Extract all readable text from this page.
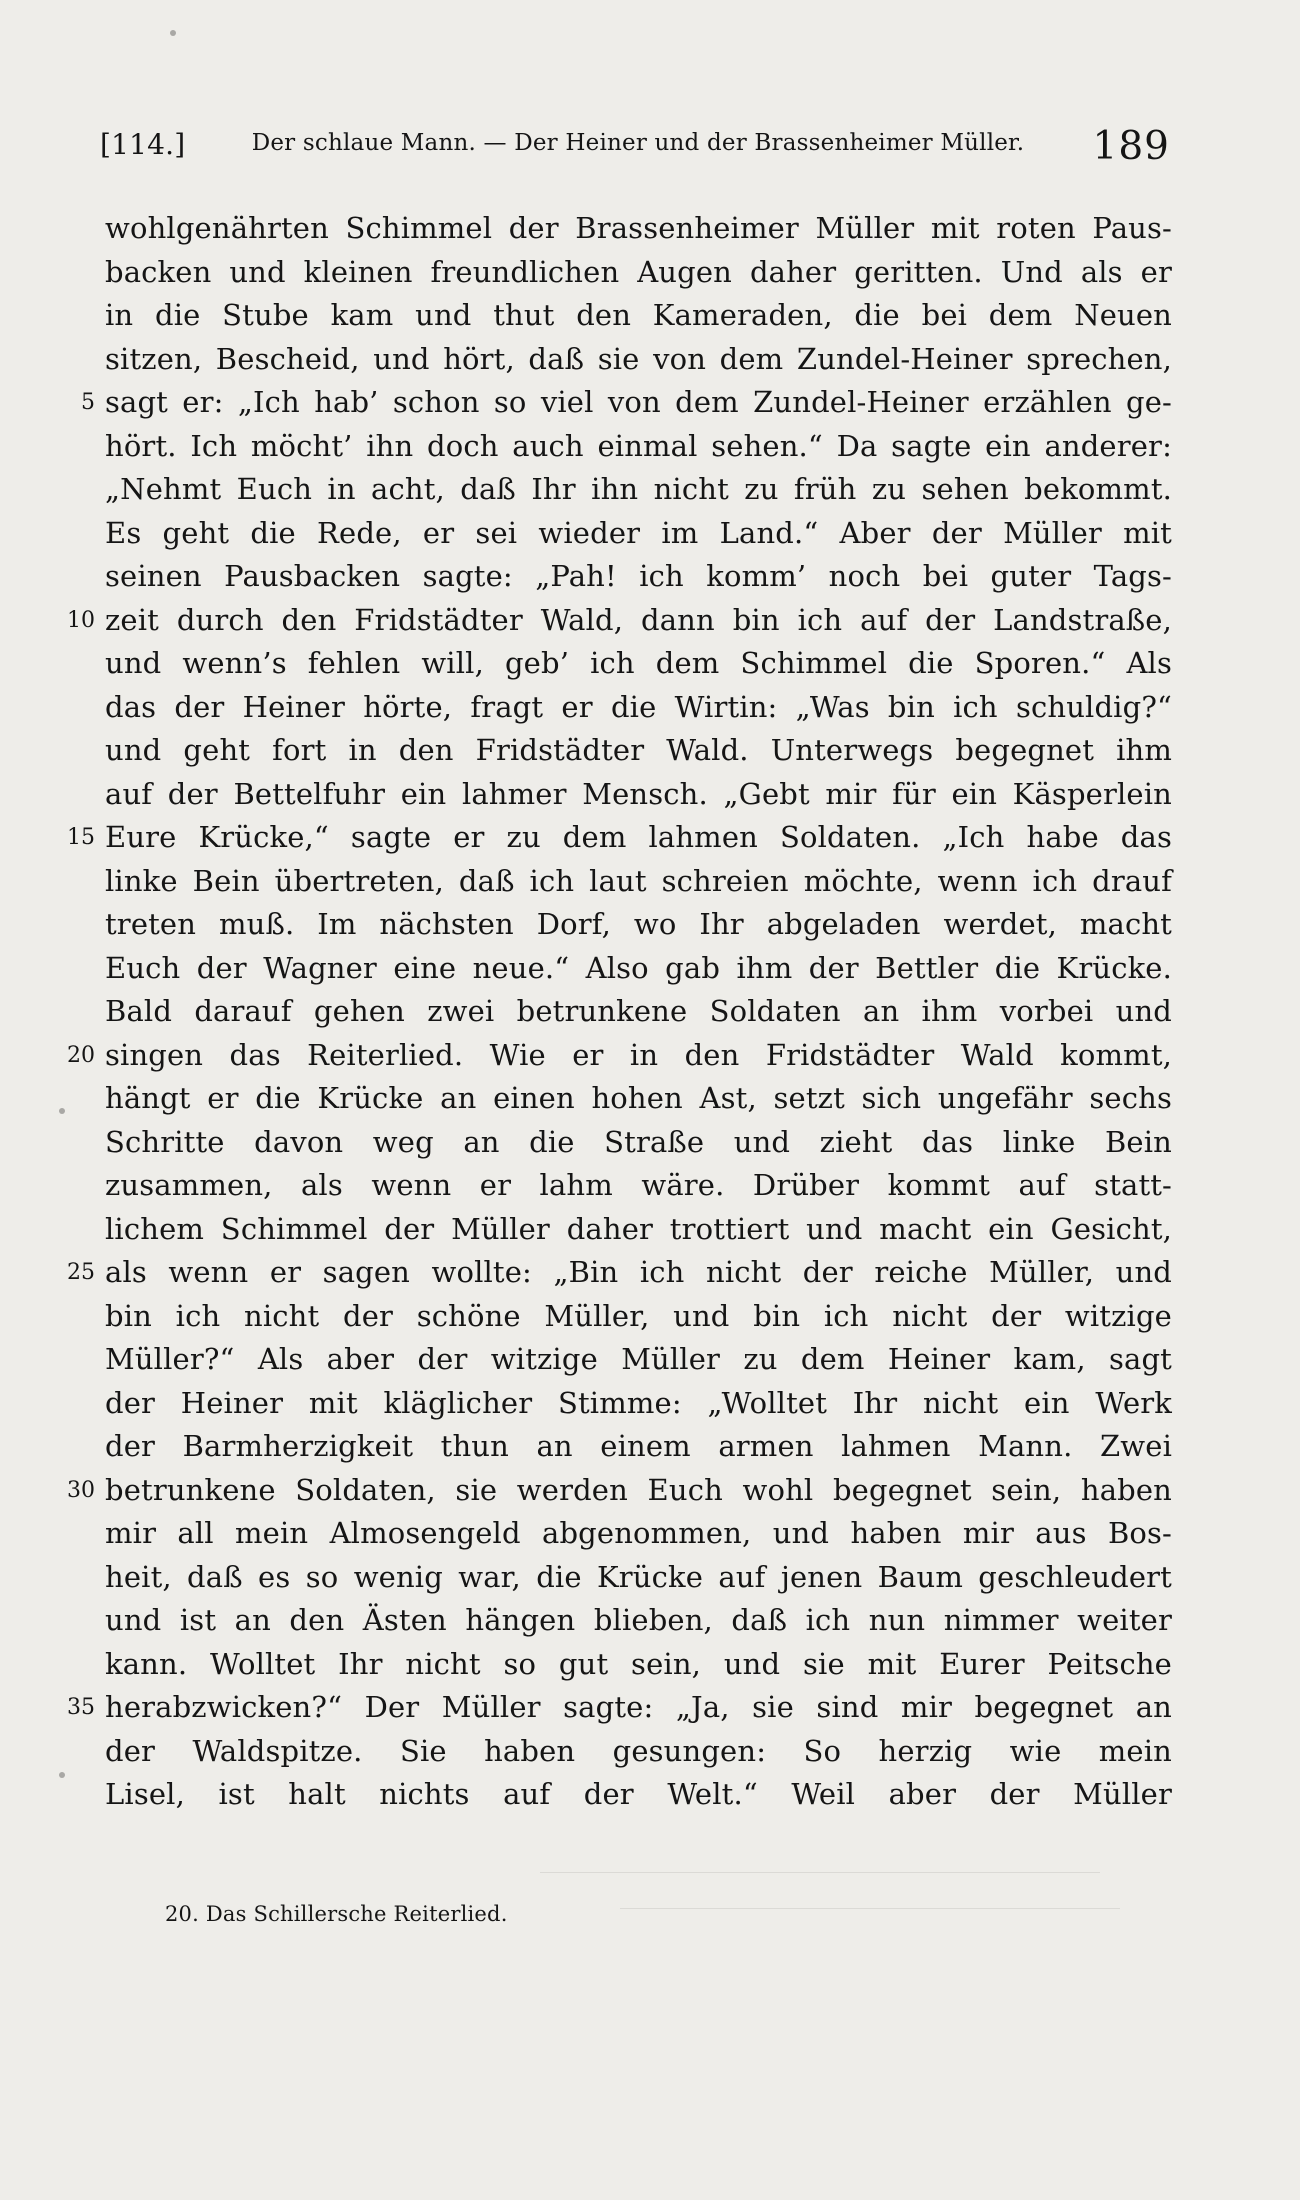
[114.]	Der schlaue Mann. — Der Heiner und der Brassenheimer Müller.	189
wohlgenährten Schimmel der Brassenheimer Müller mit roten Paus-
backen und kleinen freundlichen Augen daher geritten. Und als er
in die Stube kam und thut den Kameraden, die bei dem Neuen
sitzen, Bescheid, und hört, daß sie von dem Zundel-Heiner sprechen,
5 sagt er: „Ich hab’ schon so viel von dem Zundel-Heiner erzählen ge-
hört. Ich möcht’ ihn doch auch einmal sehen.“ Da sagte ein anderer:
„Nehmt Euch in acht, daß Ihr ihn nicht zu früh zu sehen bekommt.
Es geht die Rede, er sei wieder im Land.“ Aber der Müller mit
seinen Pausbacken sagte: „Pah! ich komm’ noch bei guter Tags-
10 zeit durch den Fridstädter Wald, dann bin ich auf der Landstraße,
und wenn’s fehlen will, geb’ ich dem Schimmel die Sporen.“ Als
das der Heiner hörte, fragt er die Wirtin: „Was bin ich schuldig?“
und geht fort in den Fridstädter Wald. Unterwegs begegnet ihm
auf der Bettelfuhr ein lahmer Mensch. „Gebt mir für ein Käsperlein
15 Eure Krücke,“ sagte er zu dem lahmen Soldaten. „Ich habe das
linke Bein übertreten, daß ich laut schreien möchte, wenn ich drauf
treten muß. Im nächsten Dorf, wo Ihr abgeladen werdet, macht
Euch der Wagner eine neue.“ Also gab ihm der Bettler die Krücke.
Bald darauf gehen zwei betrunkene Soldaten an ihm vorbei und
20 singen das Reiterlied. Wie er in den Fridstädter Wald kommt,
hängt er die Krücke an einen hohen Ast, setzt sich ungefähr sechs
Schritte davon weg an die Straße und zieht das linke Bein
zusammen, als wenn er lahm wäre. Drüber kommt auf statt-
lichem Schimmel der Müller daher trottiert und macht ein Gesicht,
25 als wenn er sagen wollte: „Bin ich nicht der reiche Müller, und
bin ich nicht der schöne Müller, und bin ich nicht der witzige
Müller?“ Als aber der witzige Müller zu dem Heiner kam, sagt
der Heiner mit kläglicher Stimme: „Wolltet Ihr nicht ein Werk
der Barmherzigkeit thun an einem armen lahmen Mann. Zwei
30 betrunkene Soldaten, sie werden Euch wohl begegnet sein, haben
mir all mein Almosengeld abgenommen, und haben mir aus Bos-
heit, daß es so wenig war, die Krücke auf jenen Baum geschleudert
und ist an den Ästen hängen blieben, daß ich nun nimmer weiter
kann. Wolltet Ihr nicht so gut sein, und sie mit Eurer Peitsche
35 herabzwicken?“ Der Müller sagte: „Ja, sie sind mir begegnet an
der Waldspitze. Sie haben gesungen: So herzig wie mein
Lisel, ist halt nichts auf der Welt.“ Weil aber der Müller
20. Das Schillersche Reiterlied.
